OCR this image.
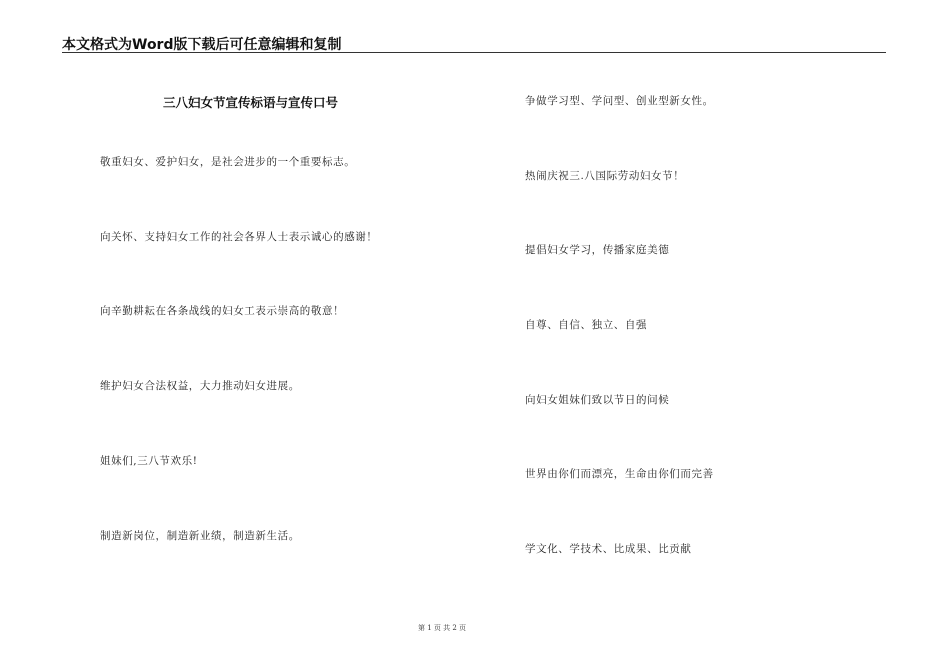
本文格式为Word版下载后可任意编辑和复制
三八妇女节宣传标语与宣传口号
敬重妇女、爱护妇女，是社会进步的一个重要标志。
向关怀、支持妇女工作的社会各界人士表示诚心的感谢！
向辛勤耕耘在各条战线的妇女工表示崇高的敬意！
维护妇女合法权益，大力推动妇女进展。
姐妹们,三八节欢乐!
制造新岗位，制造新业绩，制造新生活。
争做学习型、学问型、创业型新女性。
热闹庆祝三.八国际劳动妇女节！
提倡妇女学习，传播家庭美德
自尊、自信、独立、自强
向妇女姐妹们致以节日的问候
世界由你们而漂亮，生命由你们而完善
学文化、学技术、比成果、比贡献
第 1 页 共 2 页
